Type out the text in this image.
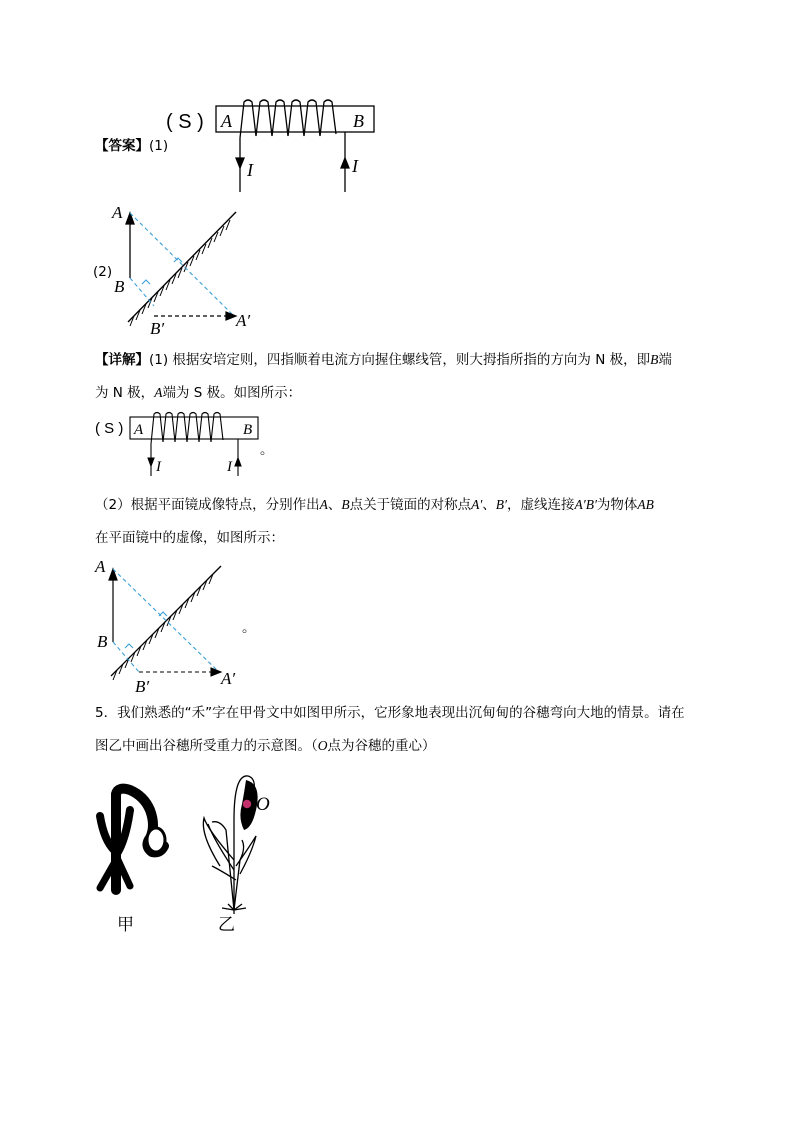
【答案】(1)
( S ) A	B
I	I
(2)
A
B
B′	A′
【详解】(1) 根据安培定则，四指顺着电流方向握住螺线管，则大拇指所指的方向为 N 极，即B端
为 N 极，A端为 S 极。如图所示：
( S ) A	B
I	I
。
（2）根据平面镜成像特点，分别作出A、B点关于镜面的对称点A′、B′，虚线连接A′B′为物体AB
在平面镜中的虚像，如图所示：
A
B
B′	A′
。
5．我们熟悉的“禾”字在甲骨文中如图甲所示，它形象地表现出沉甸甸的谷穗弯向大地的情景。请在
图乙中画出谷穗所受重力的示意图。（O点为谷穗的重心）
甲
O
乙
